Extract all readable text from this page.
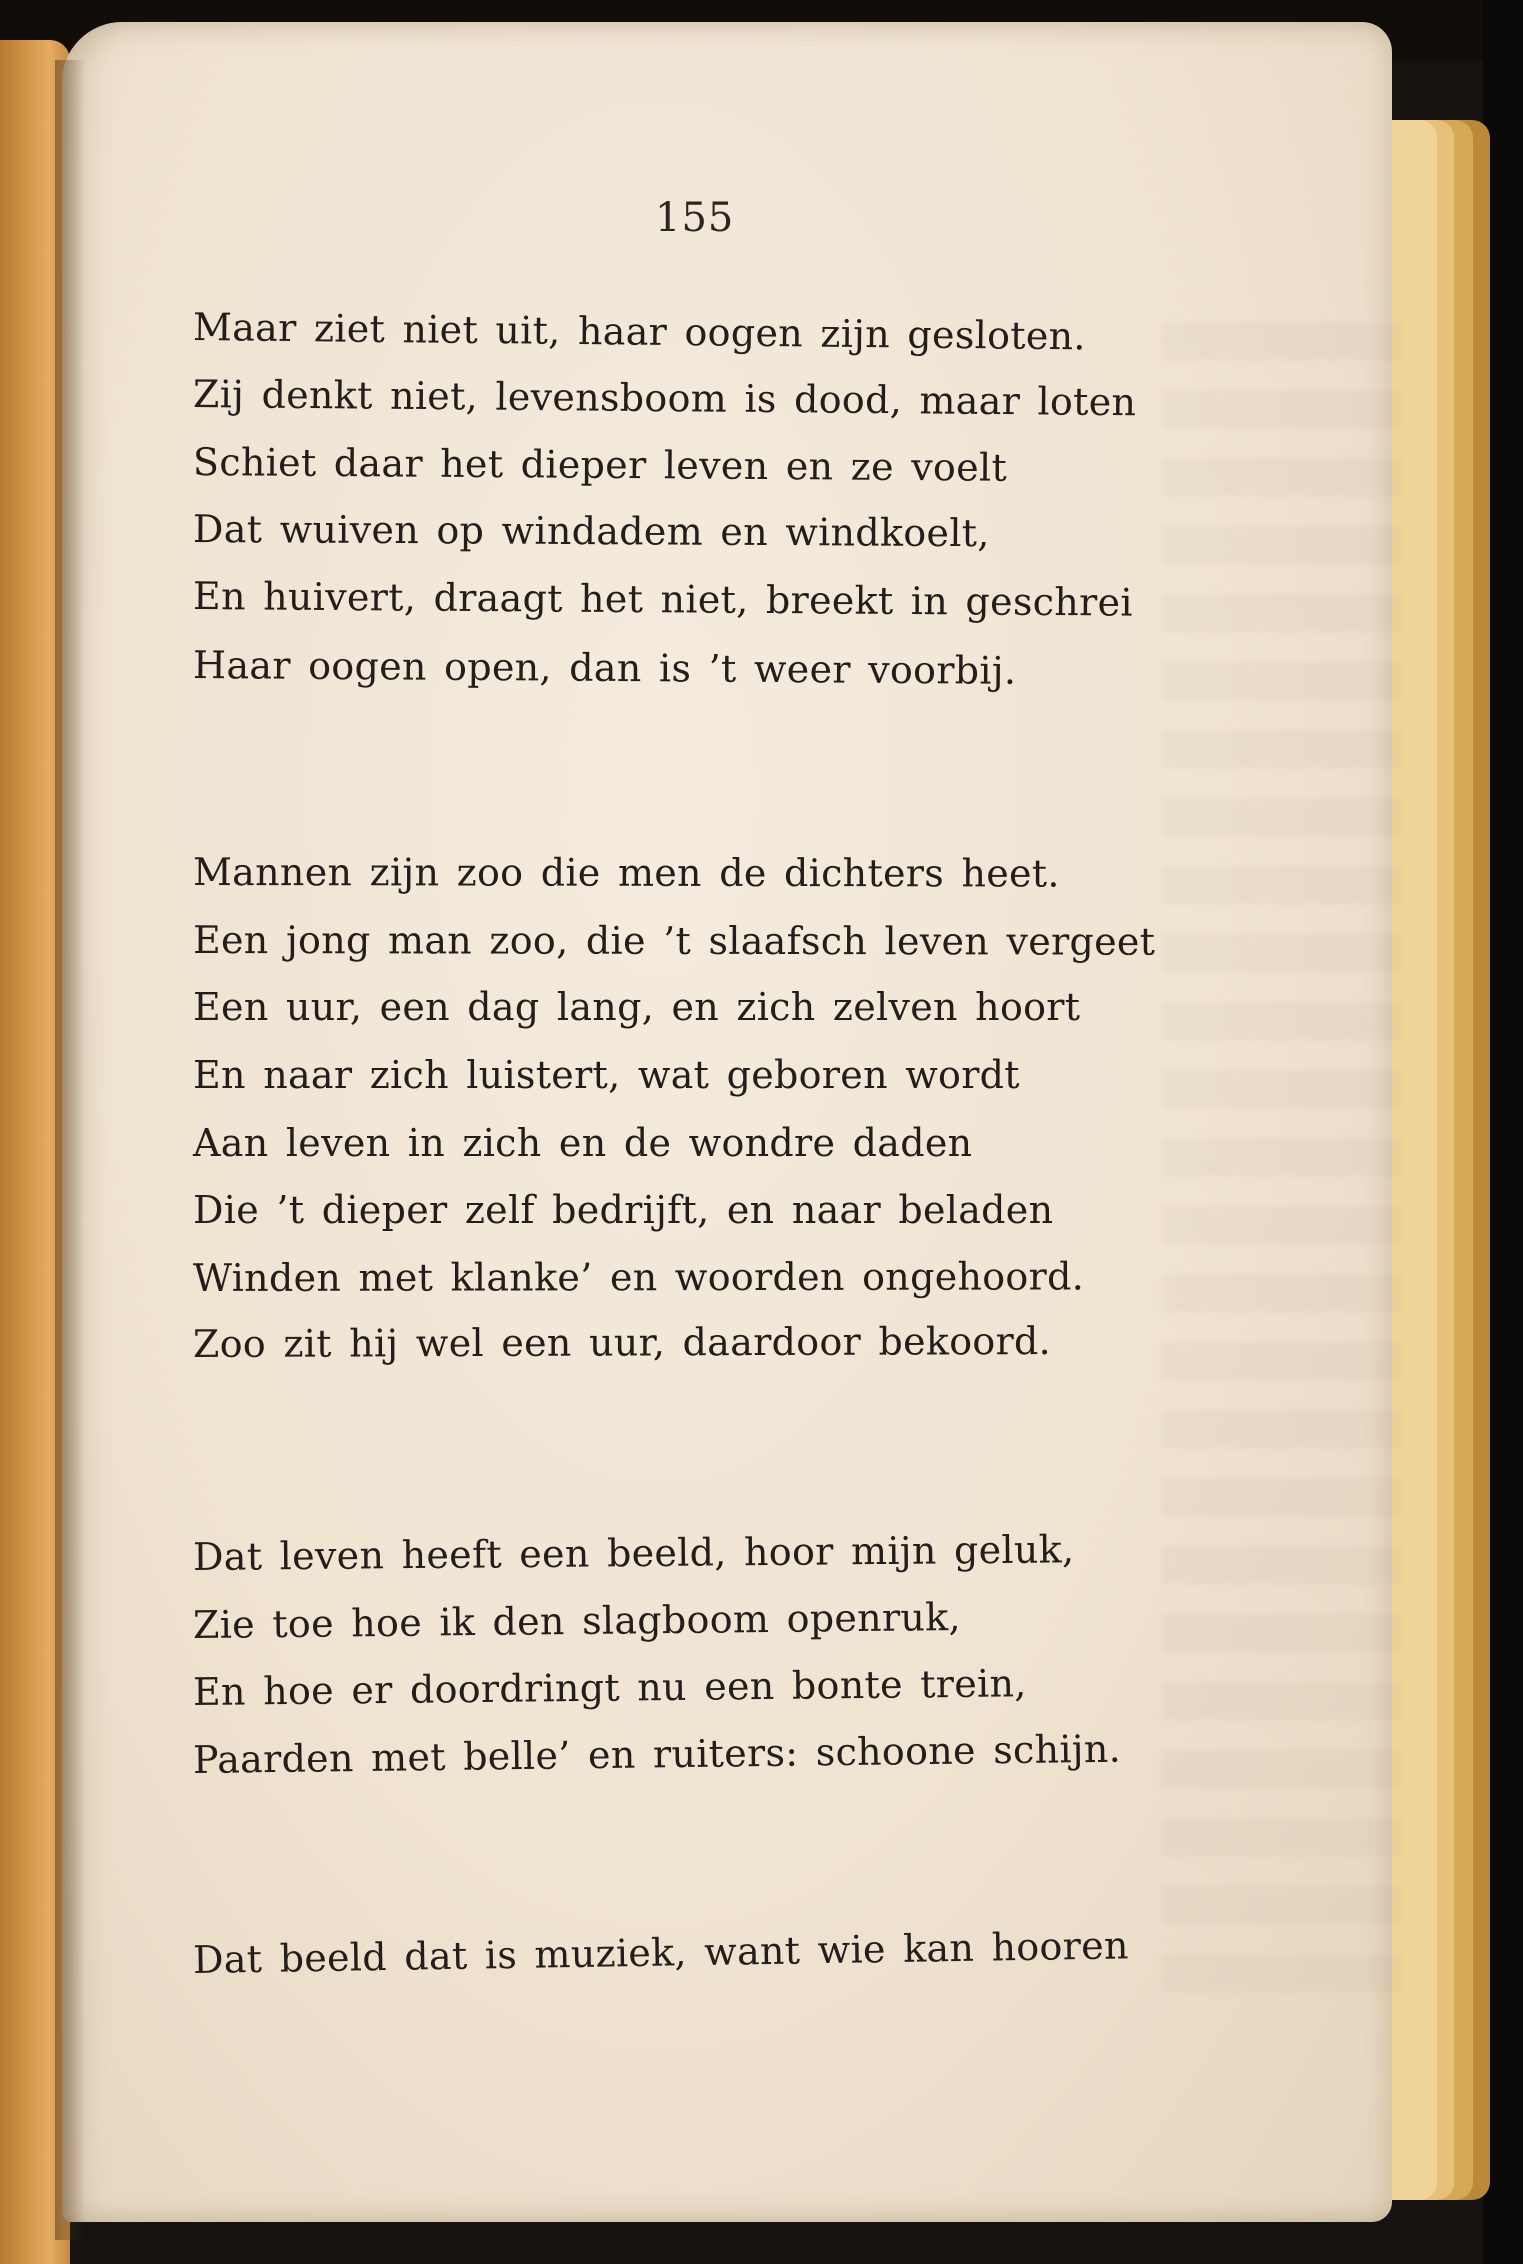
155
Maar ziet niet uit, haar oogen zijn gesloten.
Zij denkt niet, levensboom is dood, maar loten
Schiet daar het dieper leven en ze voelt
Dat wuiven op windadem en windkoelt,
En huivert, draagt het niet, breekt in geschrei
Haar oogen open, dan is ’t weer voorbij.
Mannen zijn zoo die men de dichters heet.
Een jong man zoo, die ’t slaafsch leven vergeet
Een uur, een dag lang, en zich zelven hoort
En naar zich luistert, wat geboren wordt
Aan leven in zich en de wondre daden
Die ’t dieper zelf bedrijft, en naar beladen
Winden met klanke’ en woorden ongehoord.
Zoo zit hij wel een uur, daardoor bekoord.
Dat leven heeft een beeld, hoor mijn geluk,
Zie toe hoe ik den slagboom openruk,
En hoe er doordringt nu een bonte trein,
Paarden met belle’ en ruiters: schoone schijn.
Dat beeld dat is muziek, want wie kan hooren
